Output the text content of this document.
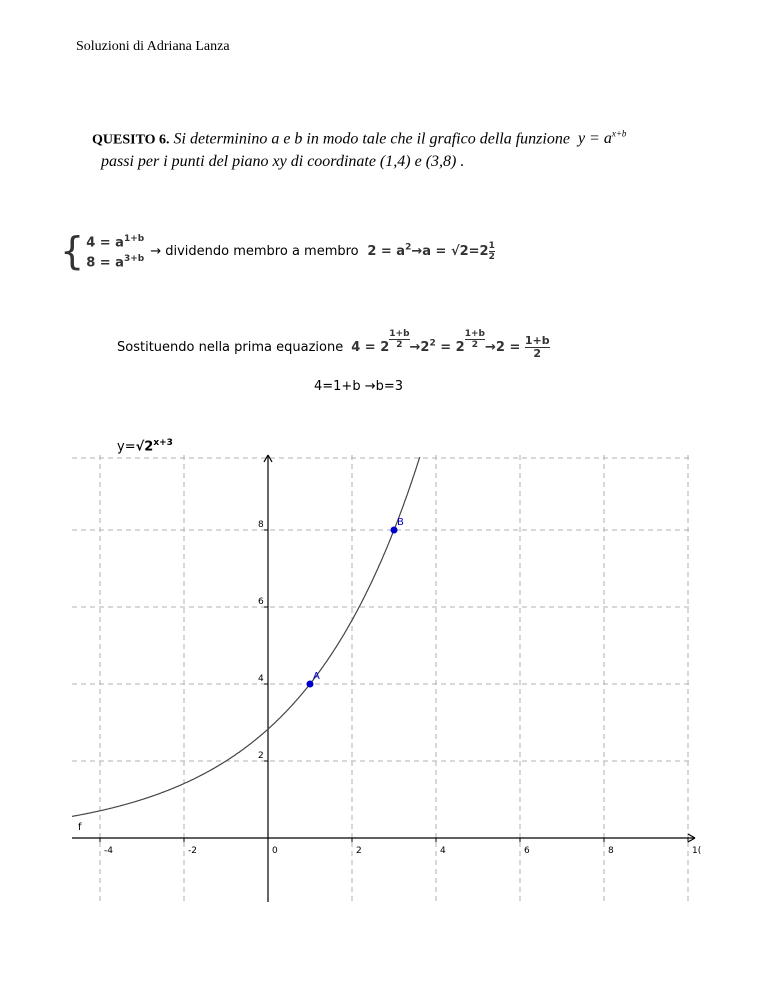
Soluzioni di Adriana Lanza
QUESITO 6. Si determinino a e b in modo tale che il grafico della funzione $y = a^{x+b}$
passi per i punti del piano xy di coordinate (1,4) e (3,8) .
{ $4 = a^{1+b}$
$8 = a^{3+b}$
→ dividendo membro a membro $2 = a^2\to a = √2=2 \frac{1}{2}$
Sostituendo nella prima equazione $4 = 2 \frac{1+b}{2} \to 2^2 = 2 \frac{1+b}{2} \to 2 = \frac{1+b}{2}$
4=1+b →b=3
$y=√2^{x+3}$
-4	-2	0	2	4	6	8	1(
2
4
6
8
f
A
B
